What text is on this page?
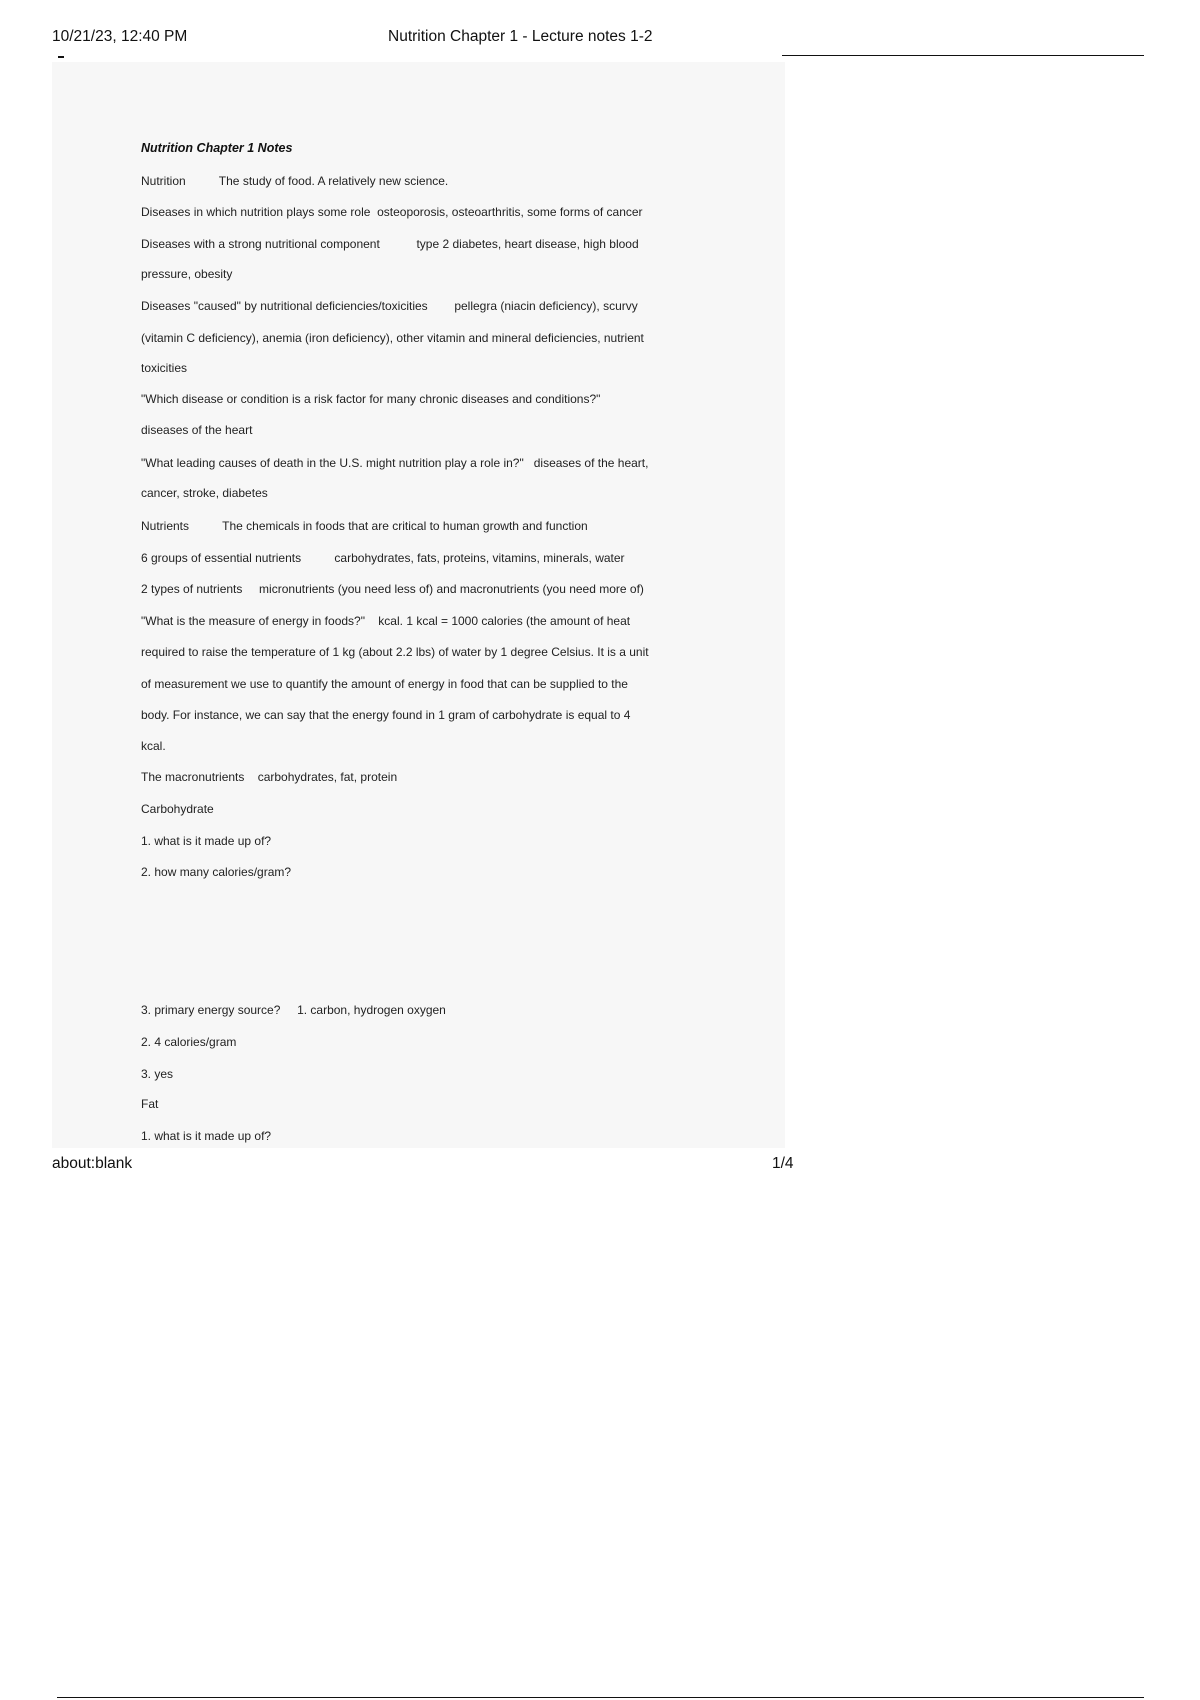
10/21/23, 12:40 PM	Nutrition Chapter 1 - Lecture notes 1-2
Nutrition Chapter 1 Notes
Nutrition          The study of food. A relatively new science.
Diseases in which nutrition plays some role  osteoporosis, osteoarthritis, some forms of cancer
Diseases with a strong nutritional component           type 2 diabetes, heart disease, high blood
pressure, obesity
Diseases "caused" by nutritional deficiencies/toxicities        pellegra (niacin deficiency), scurvy
(vitamin C deficiency), anemia (iron deficiency), other vitamin and mineral deficiencies, nutrient
toxicities
"Which disease or condition is a risk factor for many chronic diseases and conditions?"
diseases of the heart
"What leading causes of death in the U.S. might nutrition play a role in?"   diseases of the heart,
cancer, stroke, diabetes
Nutrients          The chemicals in foods that are critical to human growth and function
6 groups of essential nutrients          carbohydrates, fats, proteins, vitamins, minerals, water
2 types of nutrients     micronutrients (you need less of) and macronutrients (you need more of)
"What is the measure of energy in foods?"    kcal. 1 kcal = 1000 calories (the amount of heat
required to raise the temperature of 1 kg (about 2.2 lbs) of water by 1 degree Celsius. It is a unit
of measurement we use to quantify the amount of energy in food that can be supplied to the
body. For instance, we can say that the energy found in 1 gram of carbohydrate is equal to 4
kcal.
The macronutrients    carbohydrates, fat, protein
Carbohydrate
1. what is it made up of?
2. how many calories/gram?
3. primary energy source?     1. carbon, hydrogen oxygen
2. 4 calories/gram
3. yes
Fat
1. what is it made up of?
about:blank	1/4
